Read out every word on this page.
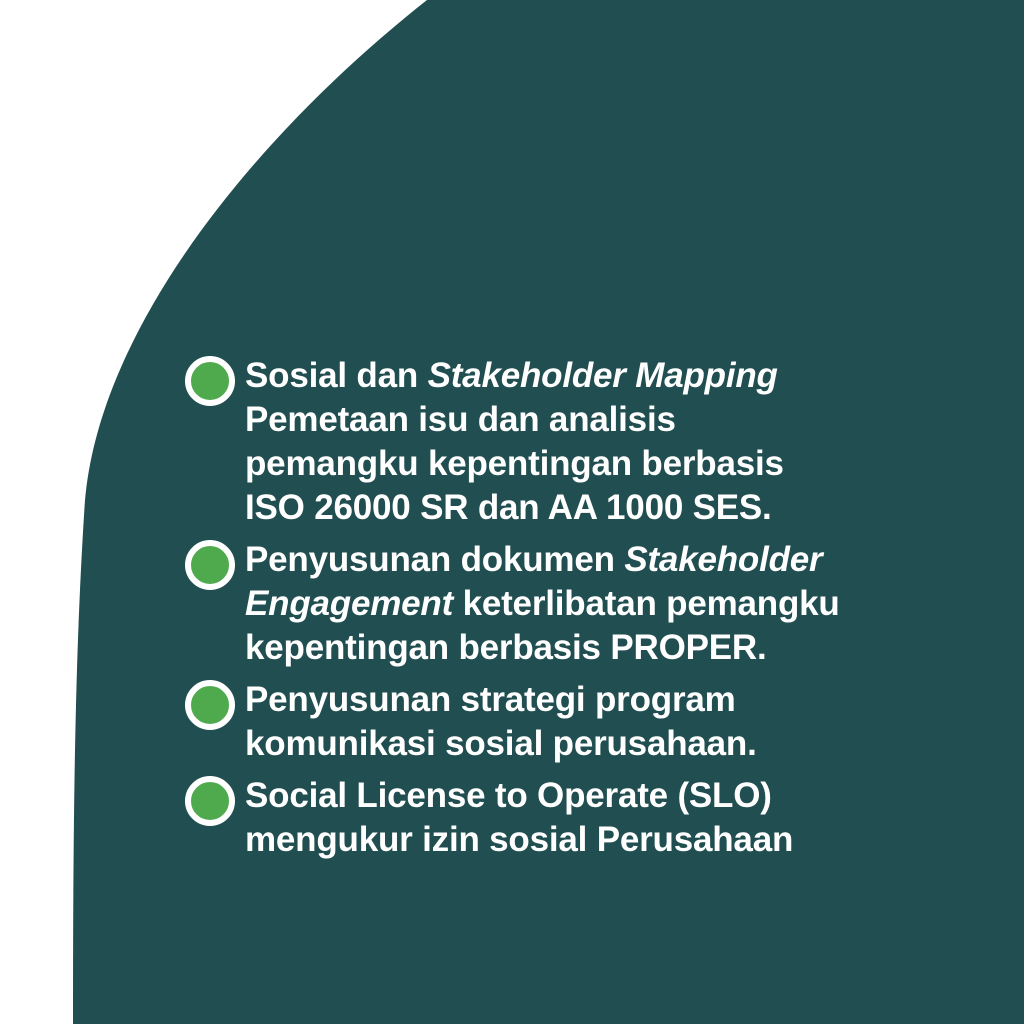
Sosial dan Stakeholder Mapping
Pemetaan isu dan analisis
pemangku kepentingan berbasis
ISO 26000 SR dan AA 1000 SES.
Penyusunan dokumen Stakeholder
Engagement keterlibatan pemangku
kepentingan berbasis PROPER.
Penyusunan strategi program
komunikasi sosial perusahaan.
Social License to Operate (SLO)
mengukur izin sosial Perusahaan
